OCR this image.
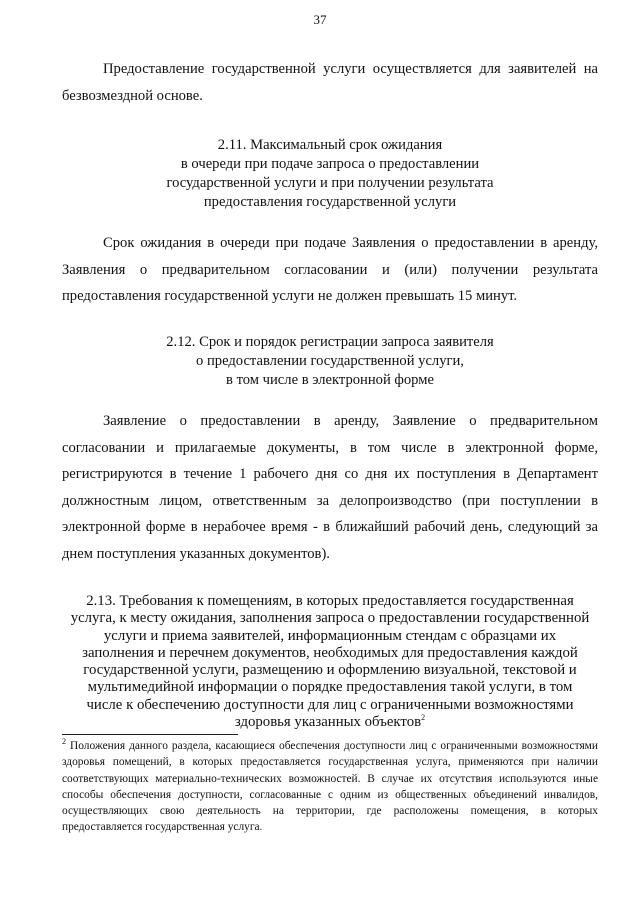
37

Предоставление государственной услуги осуществляется для заявителей на безвозмездной основе.

2.11. Максимальный срок ожидания
в очереди при подаче запроса о предоставлении
государственной услуги и при получении результата
предоставления государственной услуги

Срок ожидания в очереди при подаче Заявления о предоставлении в аренду, Заявления о предварительном согласовании и (или) получении результата предоставления государственной услуги не должен превышать 15 минут.

2.12. Срок и порядок регистрации запроса заявителя
о предоставлении государственной услуги,
в том числе в электронной форме

Заявление о предоставлении в аренду, Заявление о предварительном согласовании и прилагаемые документы, в том числе в электронной форме, регистрируются в течение 1 рабочего дня со дня их поступления в Департамент должностным лицом, ответственным за делопроизводство (при поступлении в электронной форме в нерабочее время - в ближайший рабочий день, следующий за днем поступления указанных документов).

2.13. Требования к помещениям, в которых предоставляется государственная
услуга, к месту ожидания, заполнения запроса о предоставлении государственной
услуги и приема заявителей, информационным стендам с образцами их
заполнения и перечнем документов, необходимых для предоставления каждой
государственной услуги, размещению и оформлению визуальной, текстовой и
мультимедийной информации о порядке предоставления такой услуги, в том
числе к обеспечению доступности для лиц с ограниченными возможностями
здоровья указанных объектов$^2$

$^2$ Положения данного раздела, касающиеся обеспечения доступности лиц с ограниченными возможностями здоровья помещений, в которых предоставляется государственная услуга, применяются при наличии соответствующих материально-технических возможностей. В случае их отсутствия используются иные способы обеспечения доступности, согласованные с одним из общественных объединений инвалидов, осуществляющих свою деятельность на территории, где расположены помещения, в которых предоставляется государственная услуга.
